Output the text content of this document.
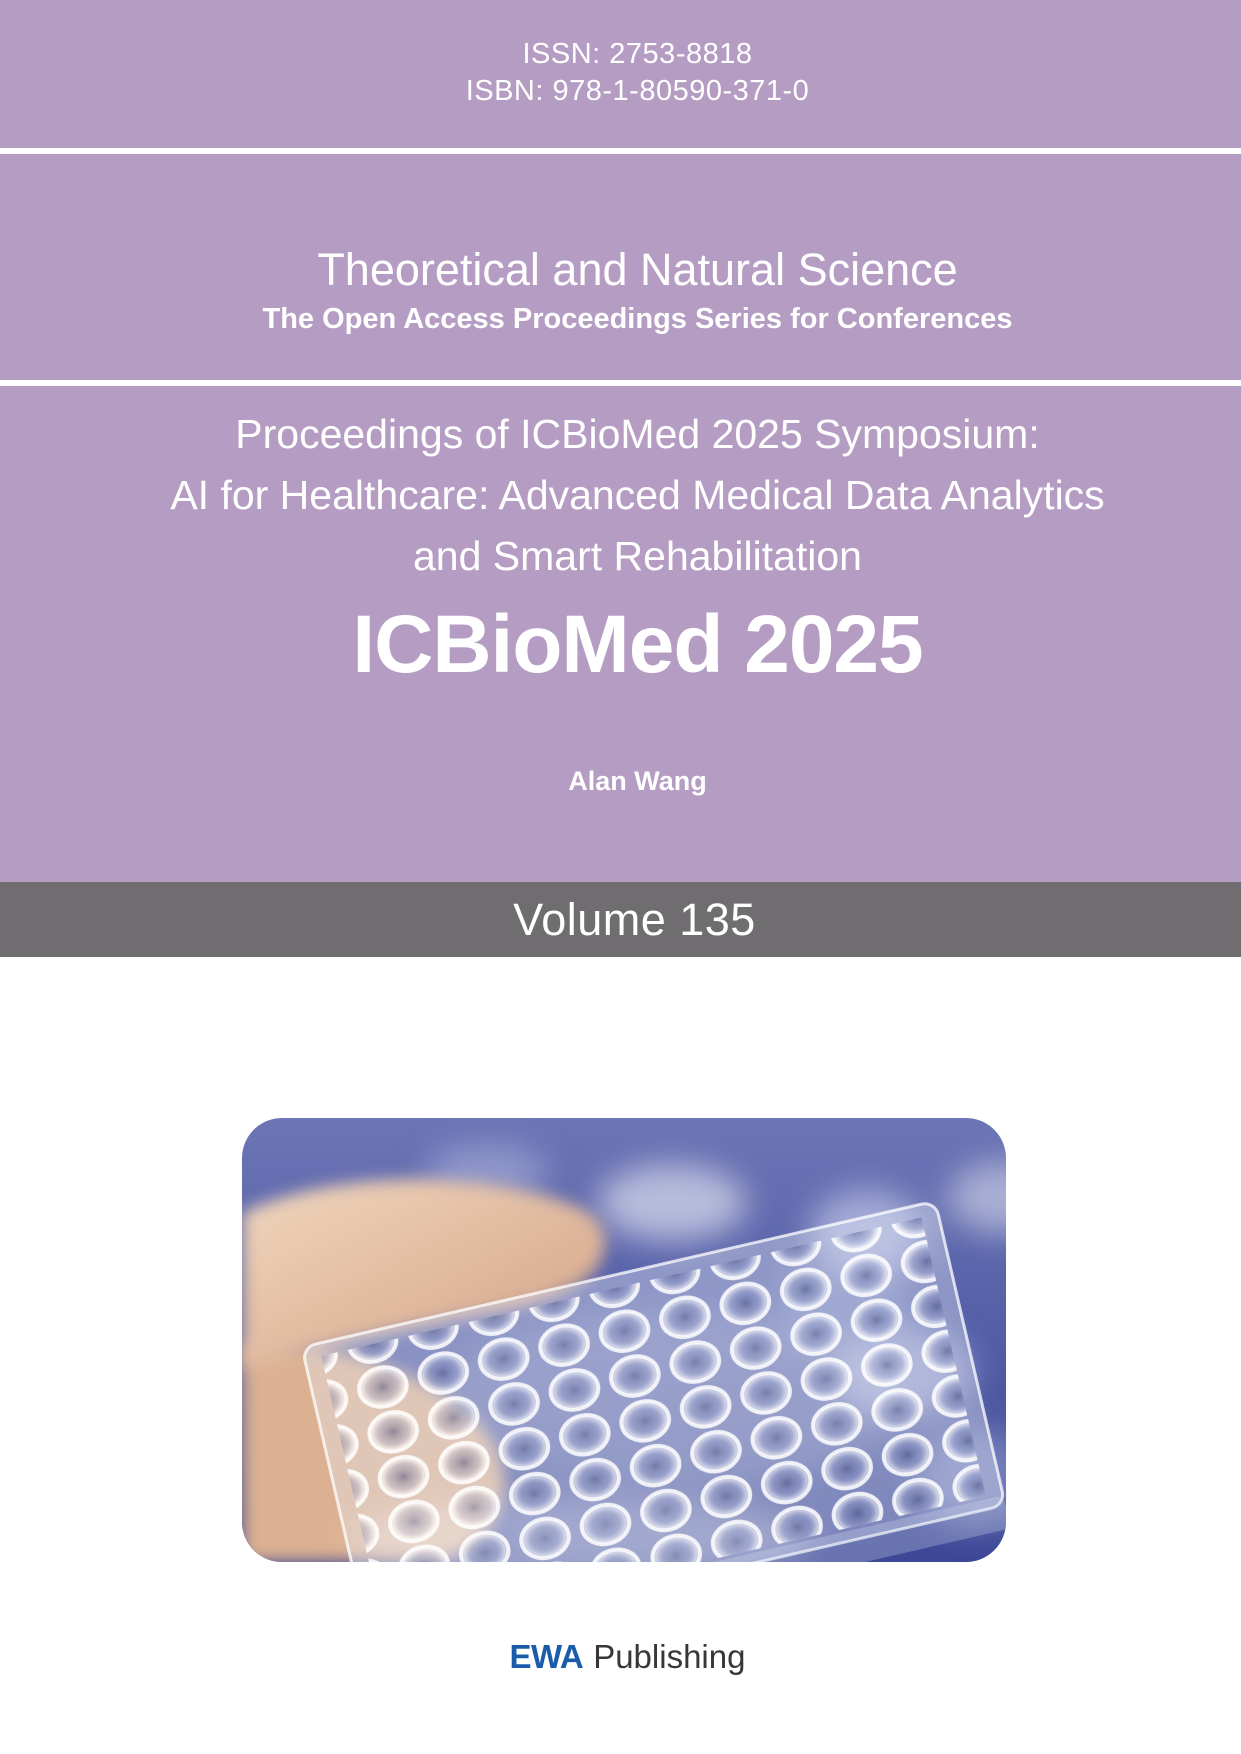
ISSN: 2753-8818
ISBN: 978-1-80590-371-0
Theoretical and Natural Science
The Open Access Proceedings Series for Conferences
Proceedings of ICBioMed 2025 Symposium:
AI for Healthcare: Advanced Medical Data Analytics
and Smart Rehabilitation
ICBioMed 2025
Alan Wang
Volume 135
EWA Publishing
